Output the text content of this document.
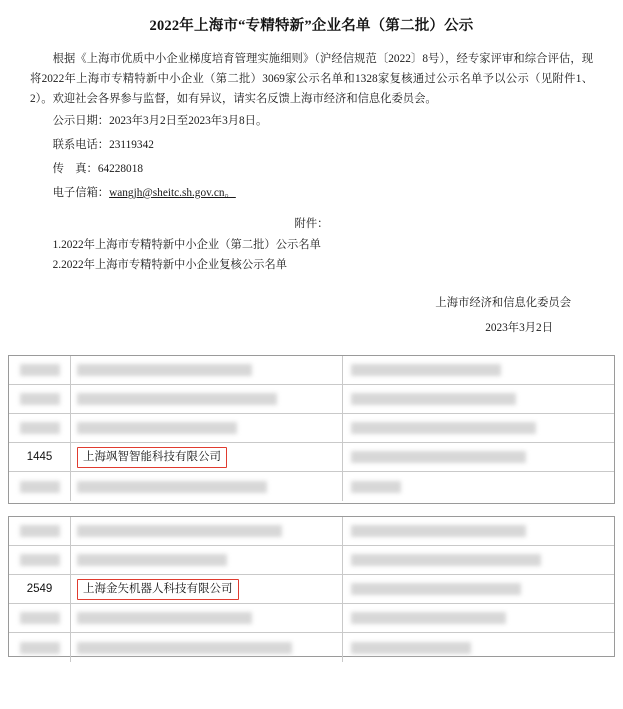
2022年上海市“专精特新”企业名单（第二批）公示
根据《上海市优质中小企业梯度培育管理实施细则》（沪经信规范〔2022〕8号），经专家评审和综合评估，现将2022年上海市专精特新中小企业（第二批）3069家公示名单和1328家复核通过公示名单予以公示（见附件1、2）。欢迎社会各界参与监督，如有异议，请实名反馈上海市经济和信息化委员会。
公示日期：2023年3月2日至2023年3月8日。
联系电话：23119342
传　真：64228018
电子信箱：wangjh@sheitc.sh.gov.cn。
附件：
1.2022年上海市专精特新中小企业（第二批）公示名单
2.2022年上海市专精特新中小企业复核公示名单
上海市经济和信息化委员会
2023年3月2日
1445	上海飒智智能科技有限公司
2549	上海金矢机器人科技有限公司
